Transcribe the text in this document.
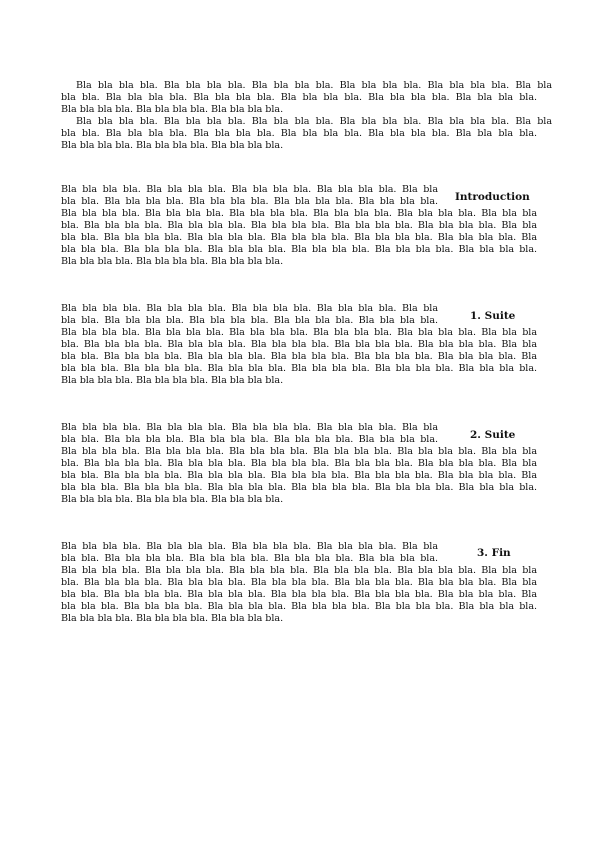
Bla bla bla bla. Bla bla bla bla. Bla bla bla bla. Bla bla bla bla. Bla bla bla bla. Bla bla
bla bla. Bla bla bla bla. Bla bla bla bla. Bla bla bla bla. Bla bla bla bla. Bla bla bla bla.
Bla bla bla bla. Bla bla bla bla. Bla bla bla bla.
Bla bla bla bla. Bla bla bla bla. Bla bla bla bla. Bla bla bla bla. Bla bla bla bla. Bla bla
bla bla. Bla bla bla bla. Bla bla bla bla. Bla bla bla bla. Bla bla bla bla. Bla bla bla bla.
Bla bla bla bla. Bla bla bla bla. Bla bla bla bla.
Introduction
Bla bla bla bla. Bla bla bla bla. Bla bla bla bla. Bla bla bla bla. Bla bla
bla bla. Bla bla bla bla. Bla bla bla bla. Bla bla bla bla. Bla bla bla bla.
Bla bla bla bla. Bla bla bla bla. Bla bla bla bla. Bla bla bla bla. Bla bla bla bla. Bla bla bla
bla. Bla bla bla bla. Bla bla bla bla. Bla bla bla bla. Bla bla bla bla. Bla bla bla bla. Bla bla
bla bla. Bla bla bla bla. Bla bla bla bla. Bla bla bla bla. Bla bla bla bla. Bla bla bla bla. Bla
bla bla bla. Bla bla bla bla. Bla bla bla bla. Bla bla bla bla. Bla bla bla bla. Bla bla bla bla.
Bla bla bla bla. Bla bla bla bla. Bla bla bla bla.
1. Suite
Bla bla bla bla. Bla bla bla bla. Bla bla bla bla. Bla bla bla bla. Bla bla
bla bla. Bla bla bla bla. Bla bla bla bla. Bla bla bla bla. Bla bla bla bla.
Bla bla bla bla. Bla bla bla bla. Bla bla bla bla. Bla bla bla bla. Bla bla bla bla. Bla bla bla
bla. Bla bla bla bla. Bla bla bla bla. Bla bla bla bla. Bla bla bla bla. Bla bla bla bla. Bla bla
bla bla. Bla bla bla bla. Bla bla bla bla. Bla bla bla bla. Bla bla bla bla. Bla bla bla bla. Bla
bla bla bla. Bla bla bla bla. Bla bla bla bla. Bla bla bla bla. Bla bla bla bla. Bla bla bla bla.
Bla bla bla bla. Bla bla bla bla. Bla bla bla bla.
2. Suite
Bla bla bla bla. Bla bla bla bla. Bla bla bla bla. Bla bla bla bla. Bla bla
bla bla. Bla bla bla bla. Bla bla bla bla. Bla bla bla bla. Bla bla bla bla.
Bla bla bla bla. Bla bla bla bla. Bla bla bla bla. Bla bla bla bla. Bla bla bla bla. Bla bla bla
bla. Bla bla bla bla. Bla bla bla bla. Bla bla bla bla. Bla bla bla bla. Bla bla bla bla. Bla bla
bla bla. Bla bla bla bla. Bla bla bla bla. Bla bla bla bla. Bla bla bla bla. Bla bla bla bla. Bla
bla bla bla. Bla bla bla bla. Bla bla bla bla. Bla bla bla bla. Bla bla bla bla. Bla bla bla bla.
Bla bla bla bla. Bla bla bla bla. Bla bla bla bla.
3. Fin
Bla bla bla bla. Bla bla bla bla. Bla bla bla bla. Bla bla bla bla. Bla bla
bla bla. Bla bla bla bla. Bla bla bla bla. Bla bla bla bla. Bla bla bla bla.
Bla bla bla bla. Bla bla bla bla. Bla bla bla bla. Bla bla bla bla. Bla bla bla bla. Bla bla bla
bla. Bla bla bla bla. Bla bla bla bla. Bla bla bla bla. Bla bla bla bla. Bla bla bla bla. Bla bla
bla bla. Bla bla bla bla. Bla bla bla bla. Bla bla bla bla. Bla bla bla bla. Bla bla bla bla. Bla
bla bla bla. Bla bla bla bla. Bla bla bla bla. Bla bla bla bla. Bla bla bla bla. Bla bla bla bla.
Bla bla bla bla. Bla bla bla bla. Bla bla bla bla.
